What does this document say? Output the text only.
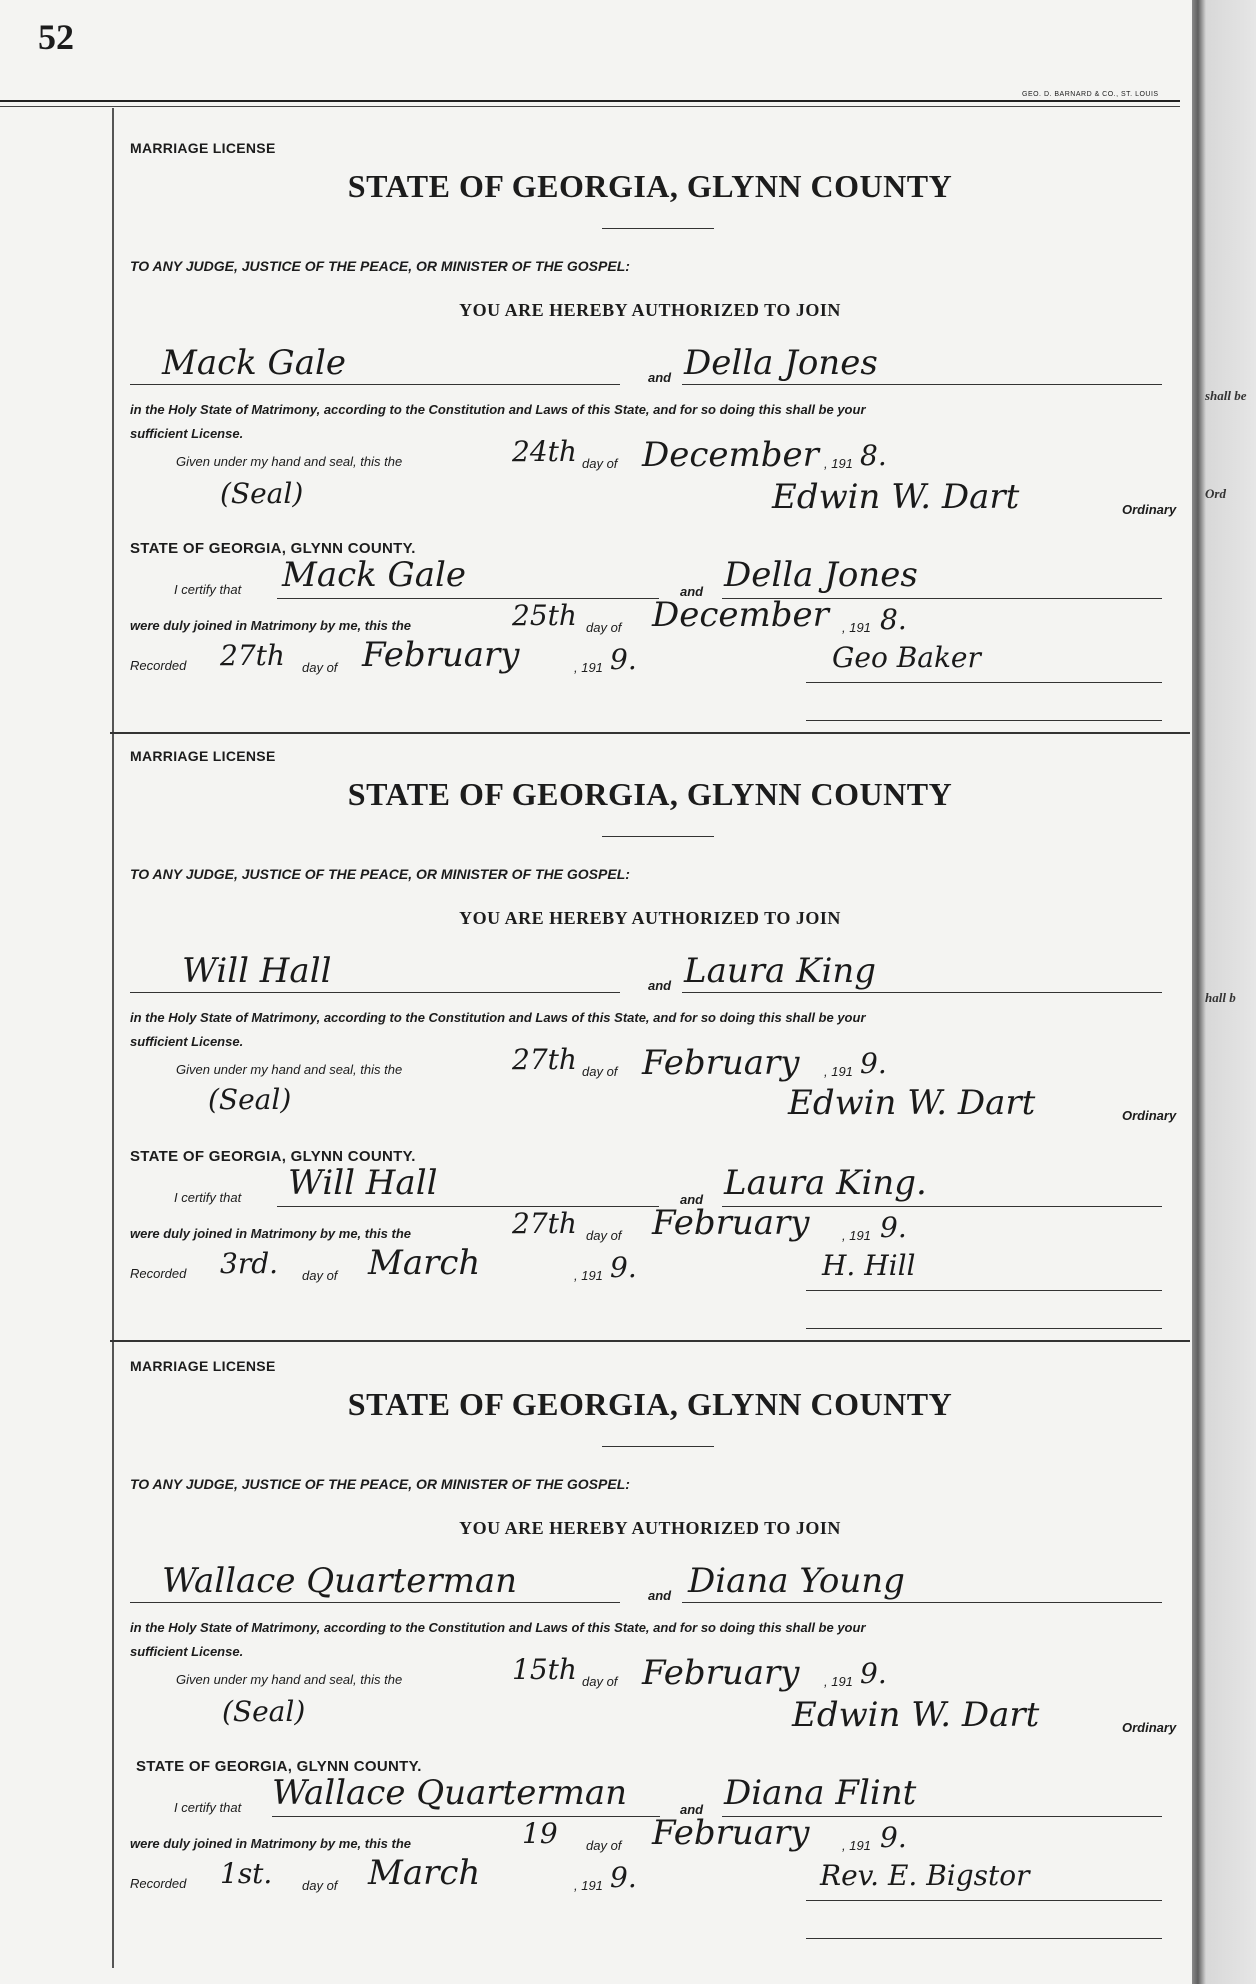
52
GEO. D. BARNARD & CO., ST. LOUIS
MARRIAGE LICENSE
STATE OF GEORGIA, GLYNN COUNTY
TO ANY JUDGE, JUSTICE OF THE PEACE, OR MINISTER OF THE GOSPEL:
YOU ARE HEREBY AUTHORIZED TO JOIN
Mack Gale	and Della Jones
in the Holy State of Matrimony, according to the Constitution and Laws of this State, and for so doing this shall be your
sufficient License.
Given under my hand and seal, this the	24th day of December , 191 8.
(Seal)	Edwin W. Dart	Ordinary
STATE OF GEORGIA, GLYNN COUNTY.
I certify that Mack Gale	and Della Jones
were duly joined in Matrimony by me, this the	25th day of December , 191 8.
Recorded 27th day of February	, 191 9.	Geo Baker
MARRIAGE LICENSE
STATE OF GEORGIA, GLYNN COUNTY
TO ANY JUDGE, JUSTICE OF THE PEACE, OR MINISTER OF THE GOSPEL:
YOU ARE HEREBY AUTHORIZED TO JOIN
Will Hall	and Laura King
in the Holy State of Matrimony, according to the Constitution and Laws of this State, and for so doing this shall be your
sufficient License.
Given under my hand and seal, this the	27th day of February , 191 9.
(Seal)	Edwin W. Dart	Ordinary
STATE OF GEORGIA, GLYNN COUNTY.
I certify that Will Hall	and Laura King.
were duly joined in Matrimony by me, this the	27th day of February	, 191 9.
Recorded 3rd. day of March	, 191 9.	H. Hill
MARRIAGE LICENSE
STATE OF GEORGIA, GLYNN COUNTY
TO ANY JUDGE, JUSTICE OF THE PEACE, OR MINISTER OF THE GOSPEL:
YOU ARE HEREBY AUTHORIZED TO JOIN
Wallace Quarterman	and Diana Young
in the Holy State of Matrimony, according to the Constitution and Laws of this State, and for so doing this shall be your
sufficient License.
Given under my hand and seal, this the	15th day of February , 191 9.
(Seal)	Edwin W. Dart	Ordinary
STATE OF GEORGIA, GLYNN COUNTY.
I certify that Wallace Quarterman	and Diana Flint
were duly joined in Matrimony by me, this the	19 day of February	, 191 9.
Recorded 1st. day of March	, 191 9.	Rev. E. Bigstor
shall be
Ord
hall b
